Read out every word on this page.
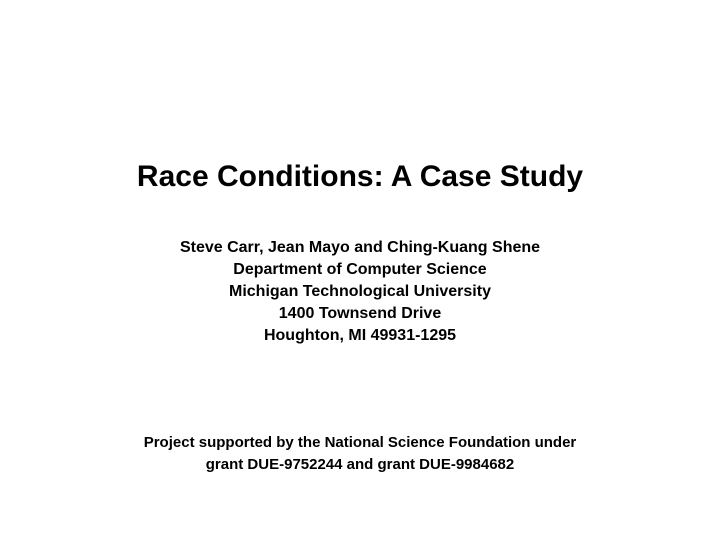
Race Conditions: A Case Study
Steve Carr, Jean Mayo and Ching-Kuang Shene
Department of Computer Science
Michigan Technological University
1400 Townsend Drive
Houghton, MI 49931-1295
Project supported by the National Science Foundation under
grant DUE-9752244 and grant DUE-9984682
